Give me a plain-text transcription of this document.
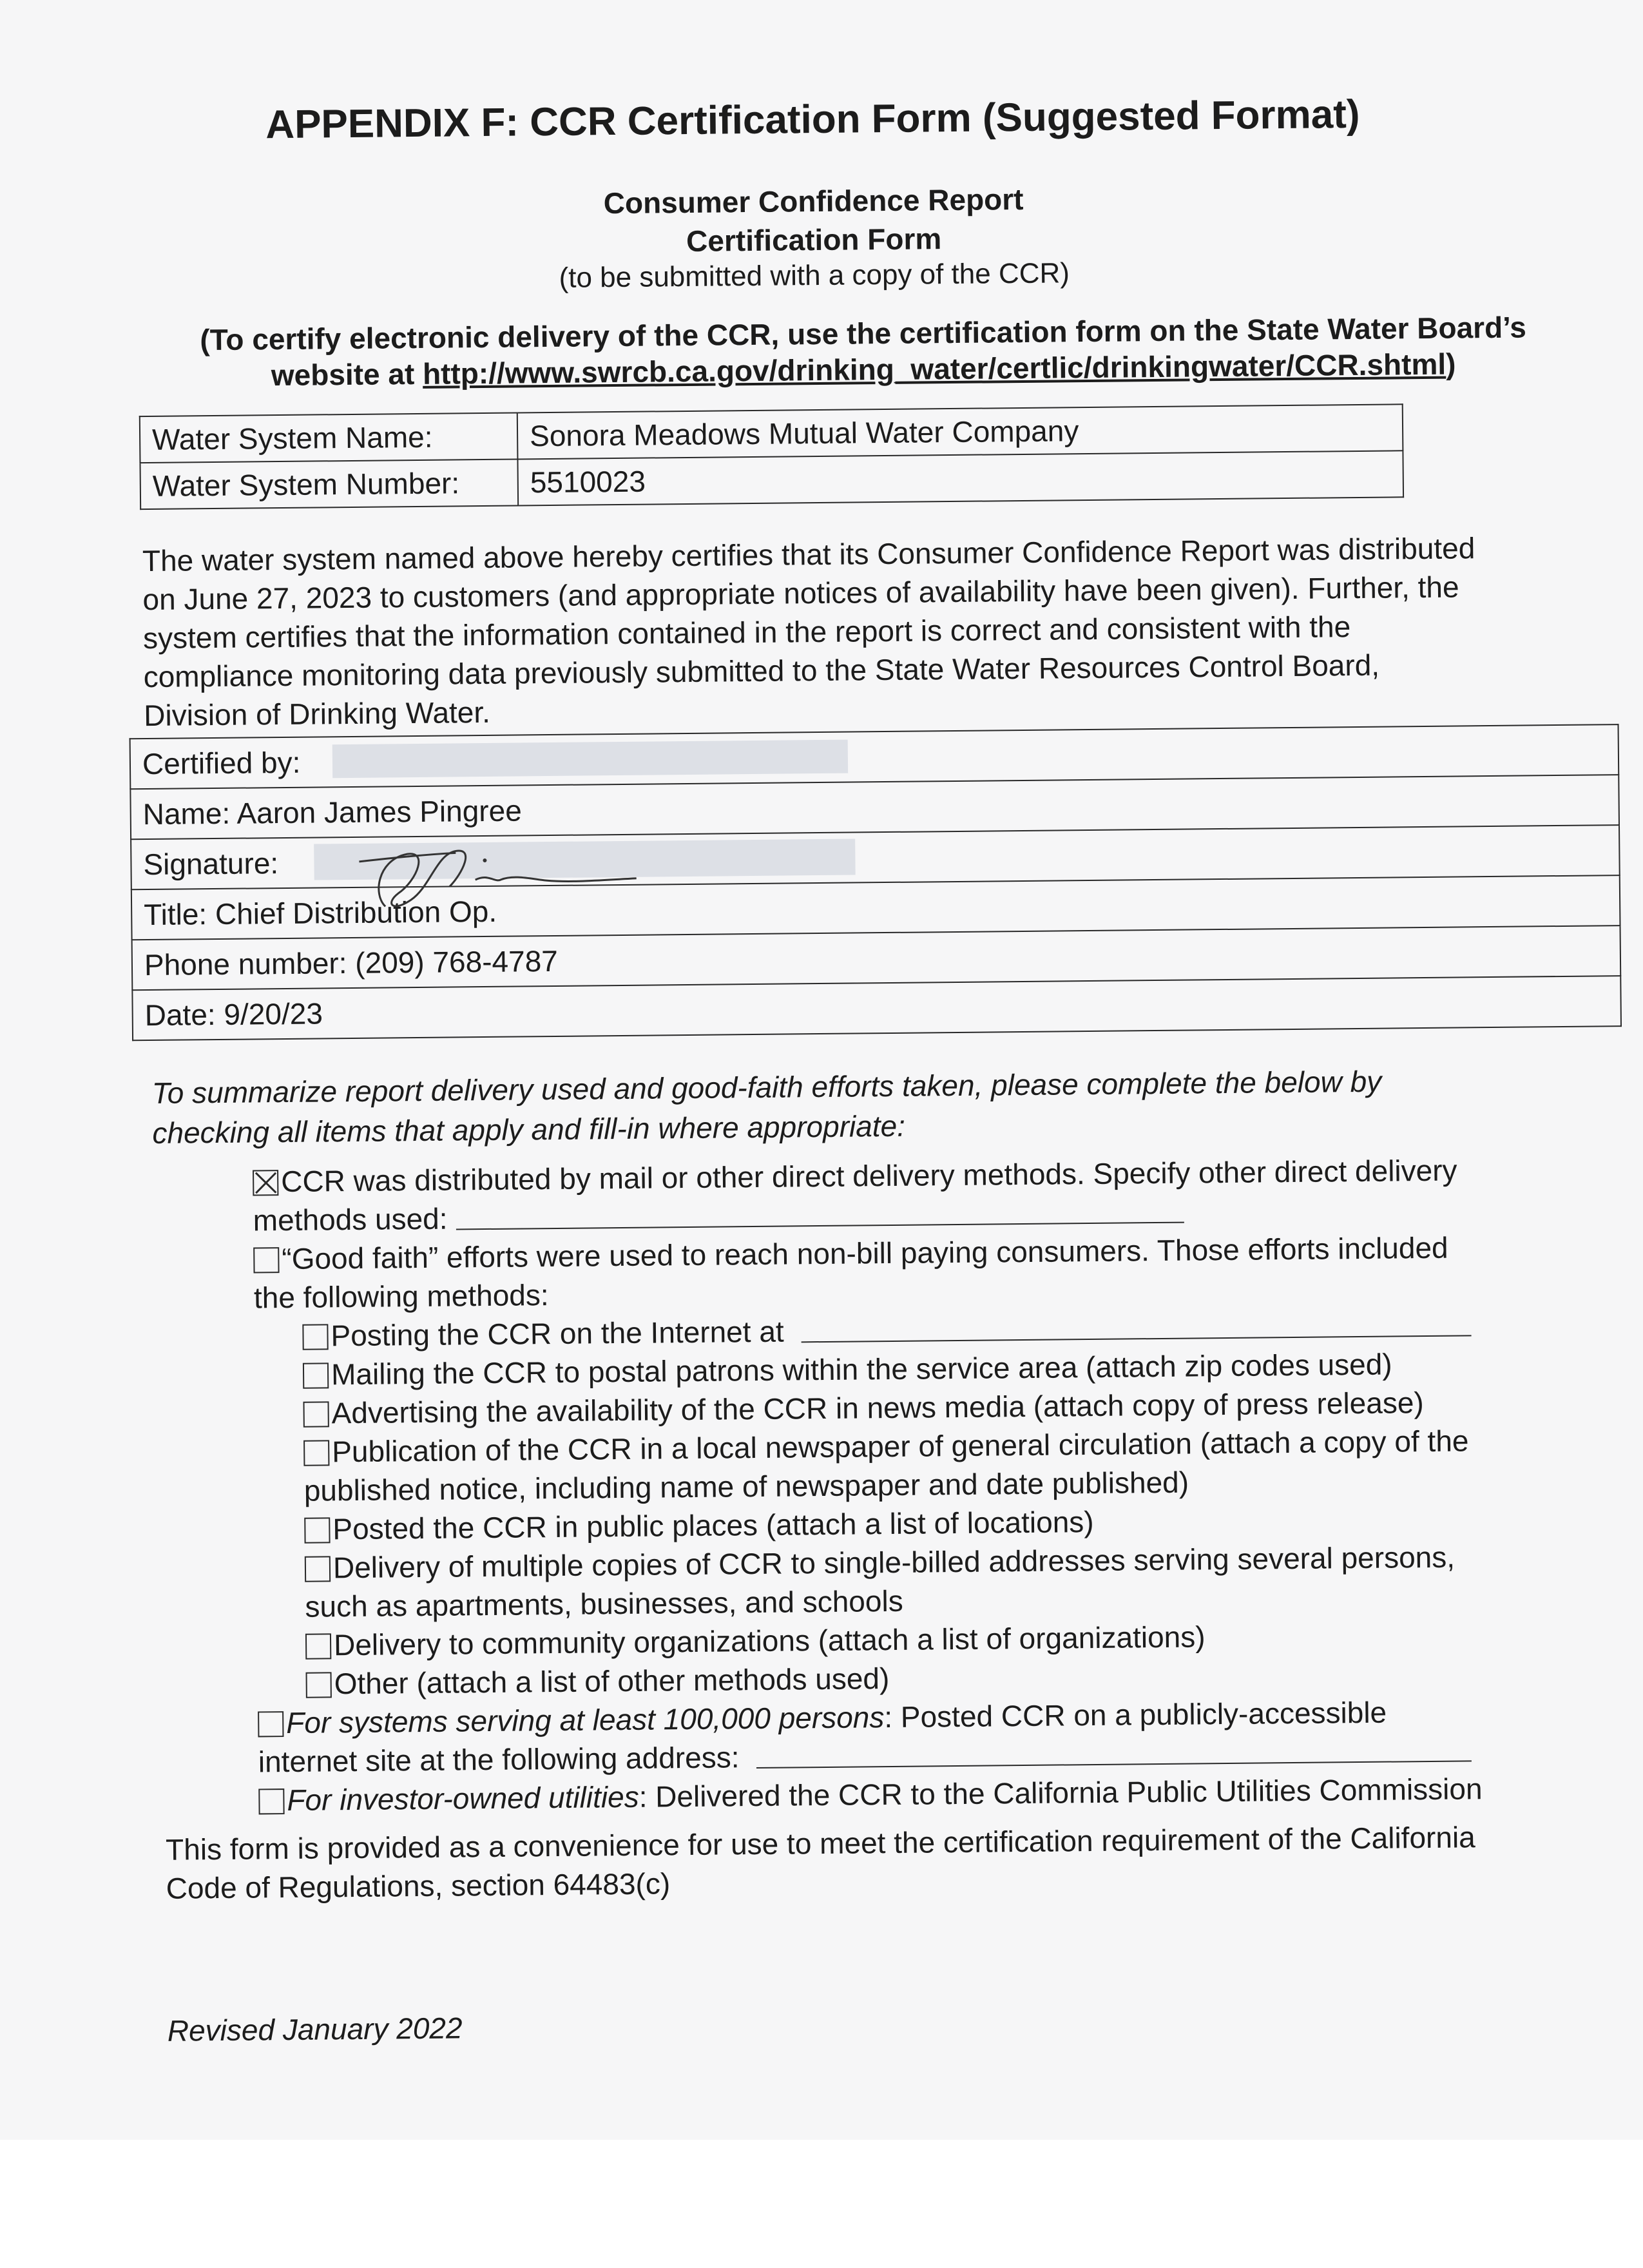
APPENDIX F: CCR Certification Form (Suggested Format)
Consumer Confidence Report
Certification Form
(to be submitted with a copy of the CCR)
(To certify electronic delivery of the CCR, use the certification form on the State Water Board’s
website at http://www.swrcb.ca.gov/drinking_water/certlic/drinkingwater/CCR.shtml)
Water System Name:	Sonora Meadows Mutual Water Company
Water System Number:	5510023
The water system named above hereby certifies that its Consumer Confidence Report was distributed
on June 27, 2023 to customers (and appropriate notices of availability have been given). Further, the
system certifies that the information contained in the report is correct and consistent with the
compliance monitoring data previously submitted to the State Water Resources Control Board,
Division of Drinking Water.
Certified by:
Name: Aaron James Pingree
Signature:
Title: Chief Distribution Op.
Phone number: (209) 768-4787
Date: 9/20/23
To summarize report delivery used and good-faith efforts taken, please complete the below by
checking all items that apply and fill-in where appropriate:
CCR was distributed by mail or other direct delivery methods. Specify other direct delivery
methods used:
“Good faith” efforts were used to reach non-bill paying consumers. Those efforts included
the following methods:
Posting the CCR on the Internet at
Mailing the CCR to postal patrons within the service area (attach zip codes used)
Advertising the availability of the CCR in news media (attach copy of press release)
Publication of the CCR in a local newspaper of general circulation (attach a copy of the
published notice, including name of newspaper and date published)
Posted the CCR in public places (attach a list of locations)
Delivery of multiple copies of CCR to single-billed addresses serving several persons,
such as apartments, businesses, and schools
Delivery to community organizations (attach a list of organizations)
Other (attach a list of other methods used)
For systems serving at least 100,000 persons: Posted CCR on a publicly-accessible
internet site at the following address:
For investor-owned utilities: Delivered the CCR to the California Public Utilities Commission
This form is provided as a convenience for use to meet the certification requirement of the California
Code of Regulations, section 64483(c)
Revised January 2022
